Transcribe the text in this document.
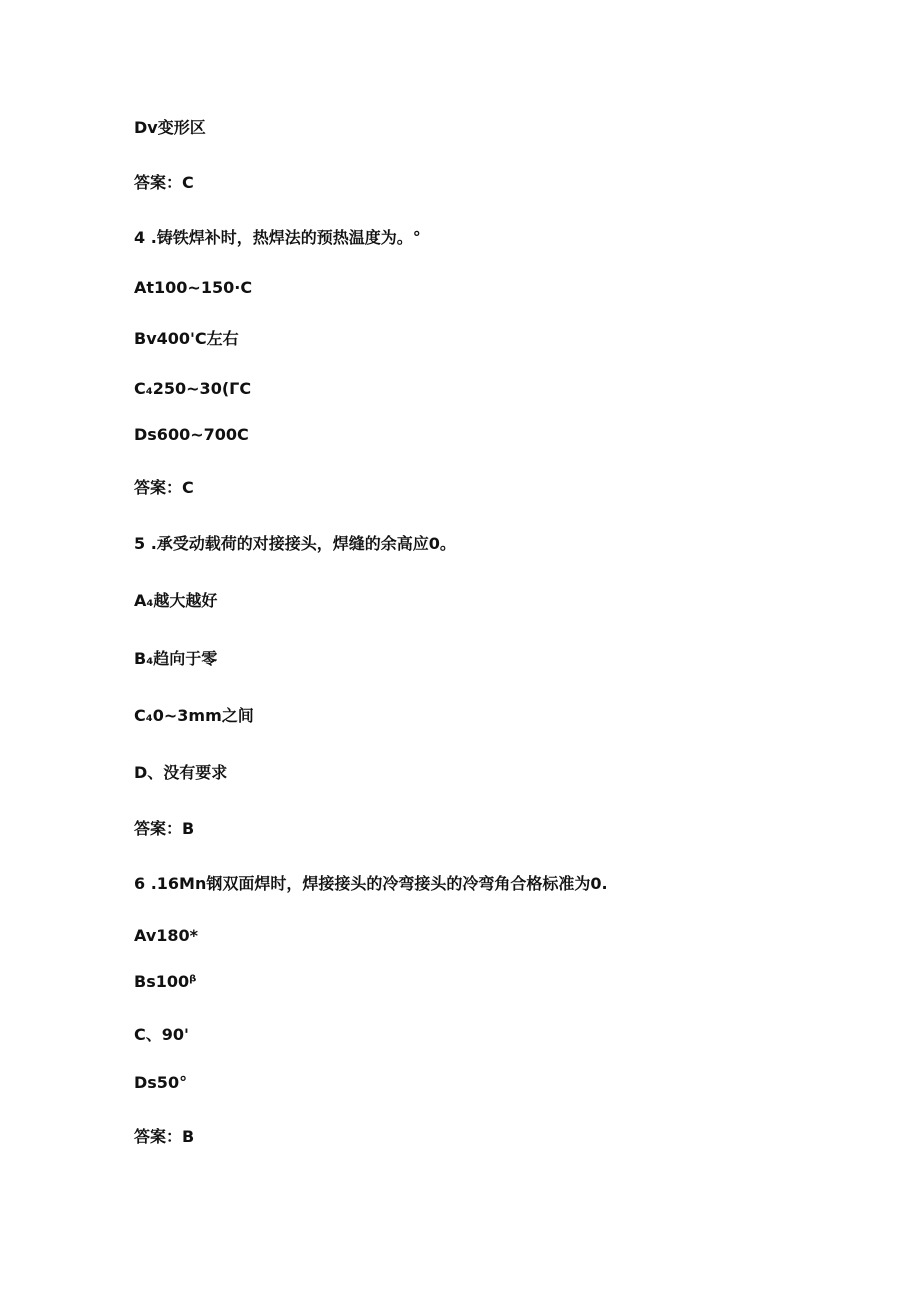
Dv变形区
答案：C
4 .铸铁焊补时，热焊法的预热温度为。°
At100~150∙C
Bv400'C左右
C₄250~30(ΓC
Ds600~700C
答案：C
5 .承受动载荷的对接接头，焊缝的余高应0。
A₄越大越好
B₄趋向于零
C₄0~3mm之间
D、没有要求
答案：B
6 .16Mn钢双面焊时，焊接接头的冷弯接头的冷弯角合格标准为0.
Av180*
Bs100ᵝ
C、90'
Ds50°
答案：B
